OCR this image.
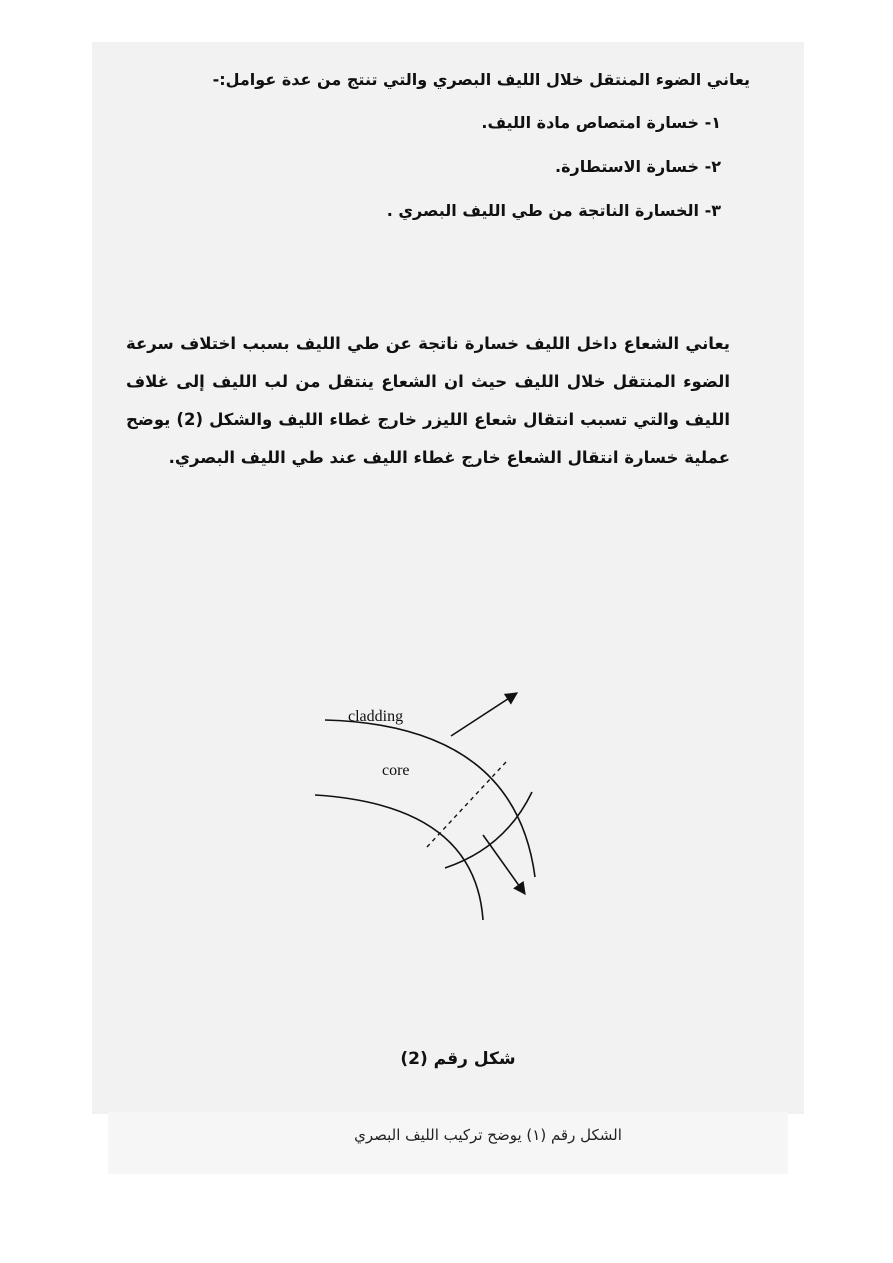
يعاني الضوء المنتقل خلال الليف البصري والتي تنتج من عدة عوامل:-
١- خسارة امتصاص مادة الليف.
٢- خسارة الاستطارة.
٣- الخسارة الناتجة من طي الليف البصري .
يعاني الشعاع داخل الليف خسارة ناتجة عن طي الليف بسبب اختلاف سرعة الضوء المنتقل خلال الليف حيث ان الشعاع ينتقل من لب الليف إلى غلاف الليف والتي تسبب انتقال شعاع الليزر خارج غطاء الليف والشكل (2) يوضح عملية خسارة انتقال الشعاع خارج غطاء الليف عند طي الليف البصري.
cladding
core
شكل رقم (2)
الشكل رقم (١) يوضح تركيب الليف البصري
